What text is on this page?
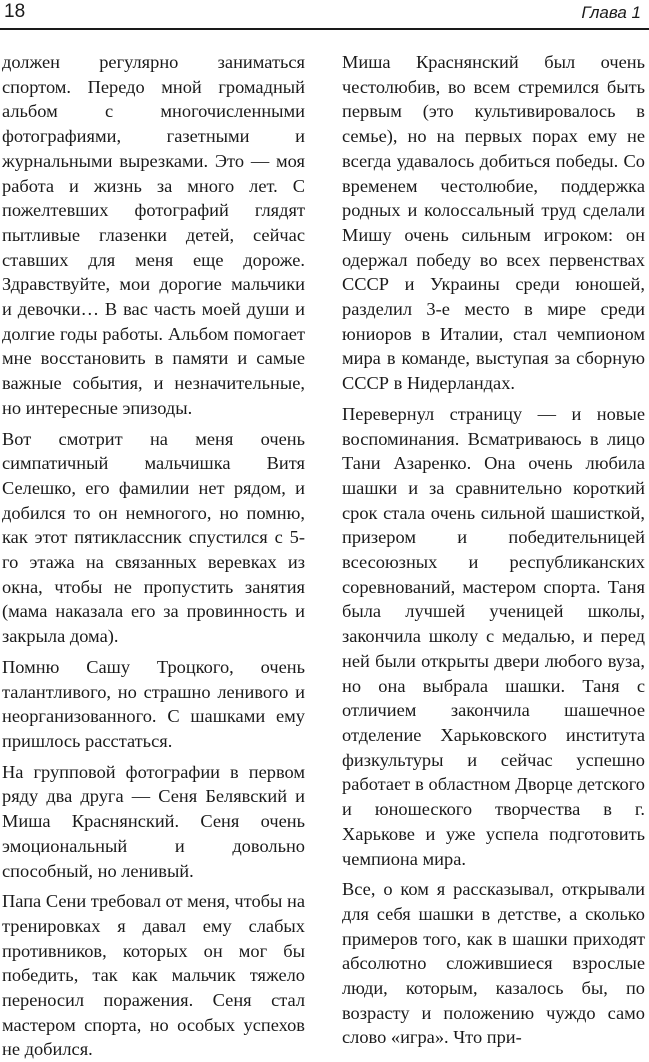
18	Глава 1

должен регулярно заниматься спортом. Передо мной громадный альбом с многочисленными фотографиями, газетными и журнальными вырезками. Это — моя работа и жизнь за много лет. С пожелтевших фотографий глядят пытливые глазенки детей, сейчас ставших для меня еще дороже. Здравствуйте, мои дорогие мальчики и девочки… В вас часть моей души и долгие годы работы. Альбом помогает мне восстановить в памяти и самые важные события, и незначительные, но интересные эпизоды.

Вот смотрит на меня очень симпатичный мальчишка Витя Селешко, его фамилии нет рядом, и добился то он немногого, но помню, как этот пятиклассник спустился с 5-го этажа на связанных веревках из окна, чтобы не пропустить занятия (мама наказала его за провинность и закрыла дома).

Помню Сашу Троцкого, очень талантливого, но страшно ленивого и неорганизованного. С шашками ему пришлось расстаться.

На групповой фотографии в первом ряду два друга — Сеня Белявский и Миша Краснянский. Сеня очень эмоциональный и довольно способный, но ленивый.

Папа Сени требовал от меня, чтобы на тренировках я давал ему слабых противников, которых он мог бы победить, так как мальчик тяжело переносил поражения. Сеня стал мастером спорта, но особых успехов не добился.

Миша Краснянский был очень честолюбив, во всем стремился быть первым (это культивировалось в семье), но на первых порах ему не всегда удавалось добиться победы. Со временем честолюбие, поддержка родных и колоссальный труд сделали Мишу очень сильным игроком: он одержал победу во всех первенствах СССР и Украины среди юношей, разделил 3-е место в мире среди юниоров в Италии, стал чемпионом мира в команде, выступая за сборную СССР в Нидерландах.

Перевернул страницу — и новые воспоминания. Всматриваюсь в лицо Тани Азаренко. Она очень любила шашки и за сравнительно короткий срок стала очень сильной шашисткой, призером и победительницей всесоюзных и республиканских соревнований, мастером спорта. Таня была лучшей ученицей школы, закончила школу с медалью, и перед ней были открыты двери любого вуза, но она выбрала шашки. Таня с отличием закончила шашечное отделение Харьковского института физкультуры и сейчас успешно работает в областном Дворце детского и юношеского творчества в г. Харькове и уже успела подготовить чемпиона мира.

Все, о ком я рассказывал, открывали для себя шашки в детстве, а сколько примеров того, как в шашки приходят абсолютно сложившиеся взрослые люди, которым, казалось бы, по возрасту и положению чуждо само слово «игра». Что при-
